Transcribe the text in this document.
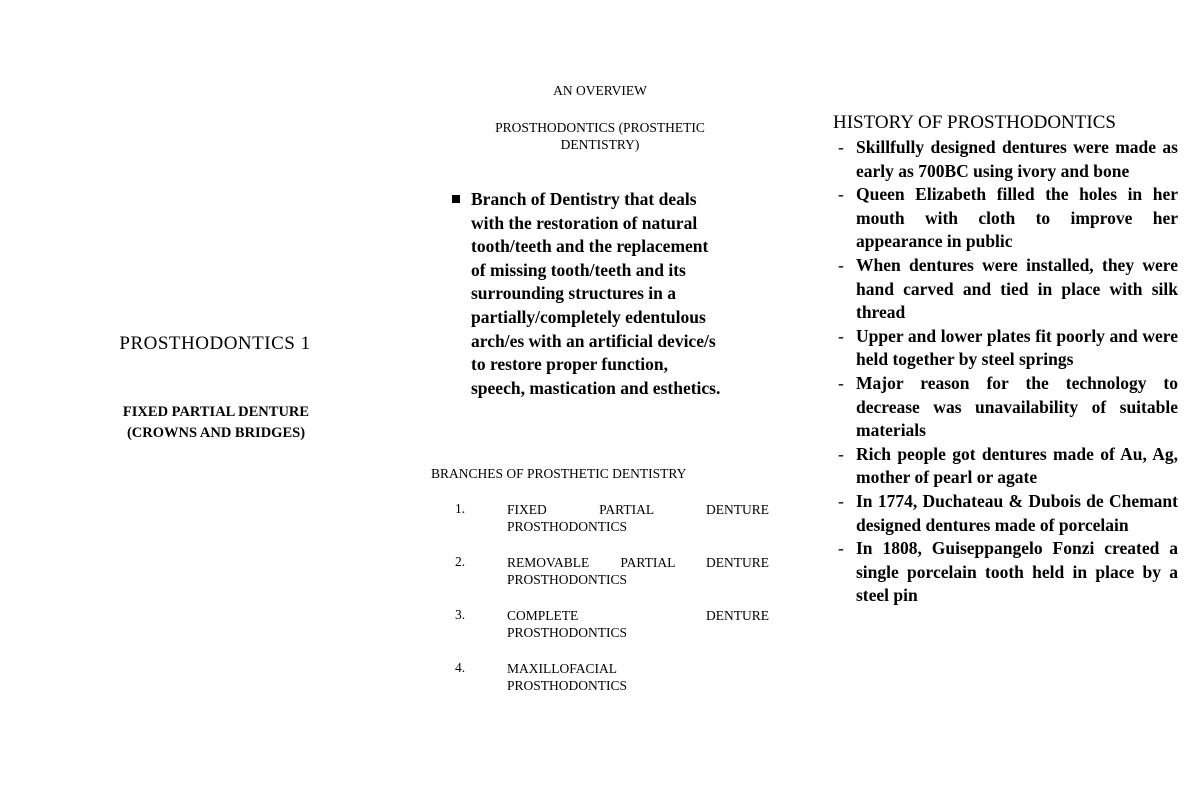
PROSTHODONTICS 1
FIXED PARTIAL DENTURE
(CROWNS AND BRIDGES)
AN OVERVIEW
PROSTHODONTICS (PROSTHETIC
DENTISTRY)
Branch of Dentistry that deals
with the restoration of natural
tooth/teeth and the replacement
of missing tooth/teeth and its
surrounding structures in a
partially/completely edentulous
arch/es with an artificial device/s
to restore proper function,
speech, mastication and esthetics.
BRANCHES OF PROSTHETIC DENTISTRY
1.	FIXED PARTIAL DENTURE
PROSTHODONTICS
2.	REMOVABLE PARTIAL DENTURE
PROSTHODONTICS
3.	COMPLETE DENTURE
PROSTHODONTICS
4.	MAXILLOFACIAL
PROSTHODONTICS
HISTORY OF PROSTHODONTICS
- Skillfully designed dentures were made as early as 700BC using ivory and bone
- Queen Elizabeth filled the holes in her mouth with cloth to improve her appearance in public
- When dentures were installed, they were hand carved and tied in place with silk thread
- Upper and lower plates fit poorly and were held together by steel springs
- Major reason for the technology to decrease was unavailability of suitable materials
- Rich people got dentures made of Au, Ag, mother of pearl or agate
- In 1774, Duchateau & Dubois de Chemant designed dentures made of porcelain
- In 1808, Guiseppangelo Fonzi created a single porcelain tooth held in place by a steel pin
